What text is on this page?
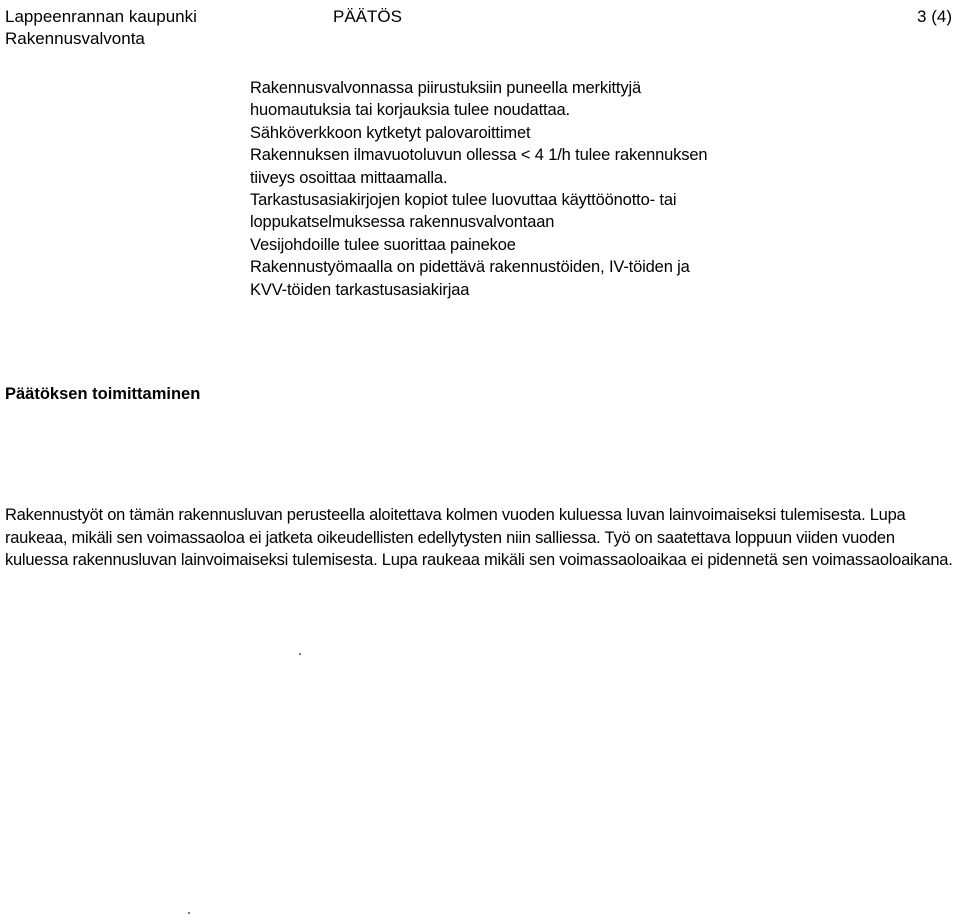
Lappeenrannan kaupunki
Rakennusvalvonta
PÄÄTÖS	3 (4)
Rakennusvalvonnassa piirustuksiin puneella merkittyjä
huomautuksia tai korjauksia tulee noudattaa.
Sähköverkkoon kytketyt palovaroittimet
Rakennuksen ilmavuotoluvun ollessa < 4 1/h tulee rakennuksen
tiiveys osoittaa mittaamalla.
Tarkastusasiakirjojen kopiot tulee luovuttaa käyttöönotto- tai
loppukatselmuksessa rakennusvalvontaan
Vesijohdoille tulee suorittaa painekoe
Rakennustyömaalla on pidettävä rakennustöiden, IV-töiden ja
KVV-töiden tarkastusasiakirjaa
Päätöksen toimittaminen

Rakennustyöt on tämän rakennusluvan perusteella aloitettava kolmen vuoden kuluessa luvan lainvoimaiseksi tulemisesta. Lupa raukeaa, mikäli sen voimassaoloa ei jatketa oikeudellisten edellytysten niin salliessa. Työ on saatettava loppuun viiden vuoden kuluessa rakennusluvan lainvoimaiseksi tulemisesta. Lupa raukeaa mikäli sen voimassaoloaikaa ei pidennetä sen voimassaoloaikana.
